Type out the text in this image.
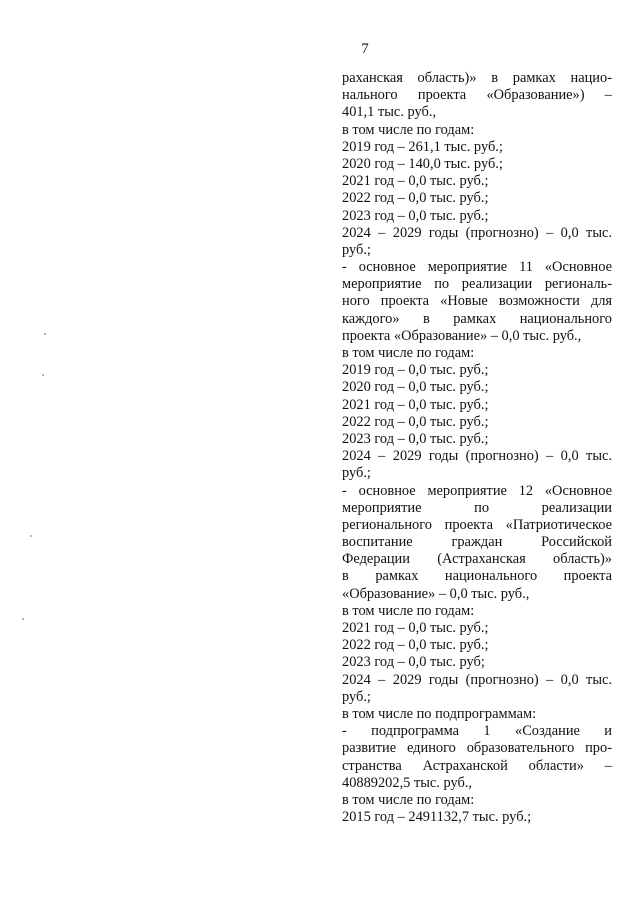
7
раханская область)» в рамках нацио-
нального проекта «Образование») –
401,1 тыс. руб.,
в том числе по годам:
2019 год – 261,1 тыс. руб.;
2020 год – 140,0 тыс. руб.;
2021 год – 0,0 тыс. руб.;
2022 год – 0,0 тыс. руб.;
2023 год – 0,0 тыс. руб.;
2024 – 2029 годы (прогнозно) – 0,0 тыс.
руб.;
- основное мероприятие 11 «Основное
мероприятие по реализации региональ-
ного проекта «Новые возможности для
каждого» в рамках национального
проекта «Образование» – 0,0 тыс. руб.,
в том числе по годам:
2019 год – 0,0 тыс. руб.;
2020 год – 0,0 тыс. руб.;
2021 год – 0,0 тыс. руб.;
2022 год – 0,0 тыс. руб.;
2023 год – 0,0 тыс. руб.;
2024 – 2029 годы (прогнозно) – 0,0 тыс.
руб.;
- основное мероприятие 12 «Основное
мероприятие по реализации
регионального проекта «Патриотическое
воспитание граждан Российской
Федерации (Астраханская область)»
в рамках национального проекта
«Образование» – 0,0 тыс. руб.,
в том числе по годам:
2021 год – 0,0 тыс. руб.;
2022 год – 0,0 тыс. руб.;
2023 год – 0,0 тыс. руб;
2024 – 2029 годы (прогнозно) – 0,0 тыс.
руб.;
в том числе по подпрограммам:
- подпрограмма 1 «Создание и
развитие единого образовательного про-
странства Астраханской области» –
40889202,5 тыс. руб.,
в том числе по годам:
2015 год – 2491132,7 тыс. руб.;
